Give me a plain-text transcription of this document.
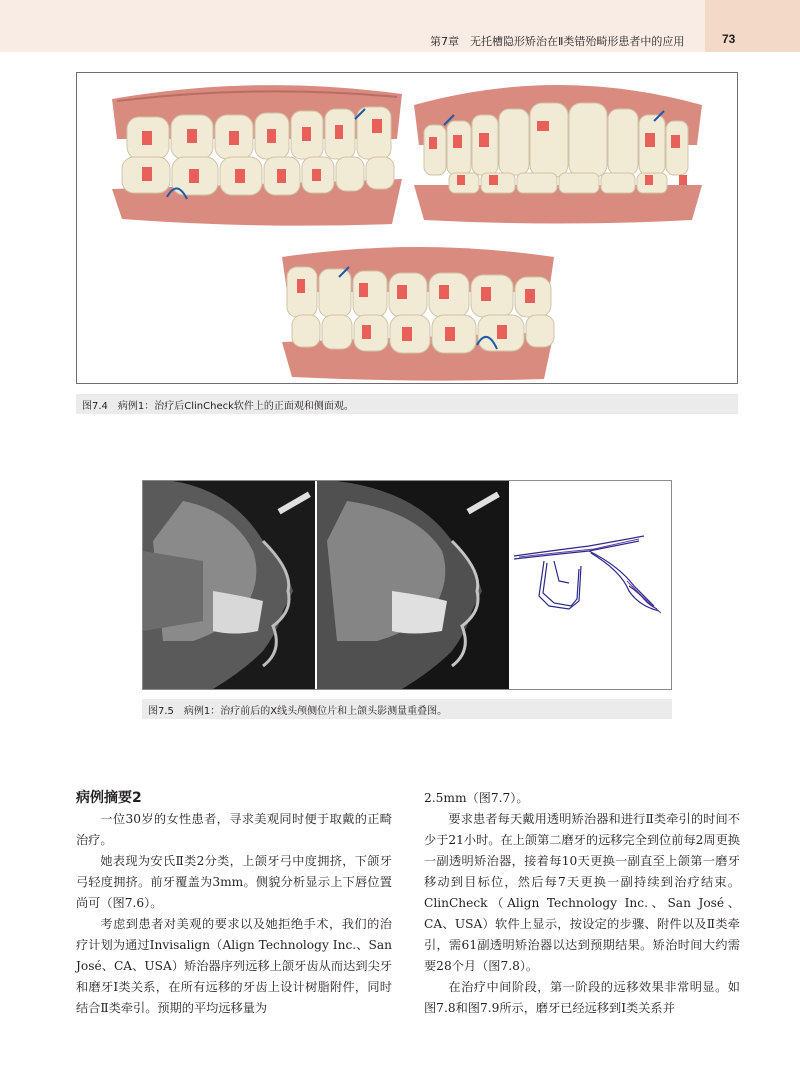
第7章　无托槽隐形矫治在Ⅱ类错殆畸形患者中的应用	73
图7.4　病例1：治疗后ClinCheck软件上的正面观和侧面观。
图7.5　病例1：治疗前后的X线头颅侧位片和上颌头影测量重叠图。
病例摘要2

一位30岁的女性患者，寻求美观同时便于取戴的正畸治疗。

她表现为安氏Ⅱ类2分类，上颌牙弓中度拥挤，下颌牙弓轻度拥挤。前牙覆盖为3mm。侧貌分析显示上下唇位置尚可（图7.6）。

考虑到患者对美观的要求以及她拒绝手术，我们的治疗计划为通过Invisalign（Align Technology Inc.、San José、CA、USA）矫治器序列远移上颌牙齿从而达到尖牙和磨牙Ⅰ类关系，在所有远移的牙齿上设计树脂附件，同时结合Ⅱ类牵引。预期的平均远移量为

2.5mm（图7.7）。

要求患者每天戴用透明矫治器和进行Ⅱ类牵引的时间不少于21小时。在上颌第二磨牙的远移完全到位前每2周更换一副透明矫治器，接着每10天更换一副直至上颌第一磨牙移动到目标位，然后每7天更换一副持续到治疗结束。ClinCheck（Align Technology Inc.、San José、CA、USA）软件上显示，按设定的步骤、附件以及Ⅱ类牵引，需61副透明矫治器以达到预期结果。矫治时间大约需要28个月（图7.8）。

在治疗中间阶段，第一阶段的远移效果非常明显。如图7.8和图7.9所示，磨牙已经远移到Ⅰ类关系并
